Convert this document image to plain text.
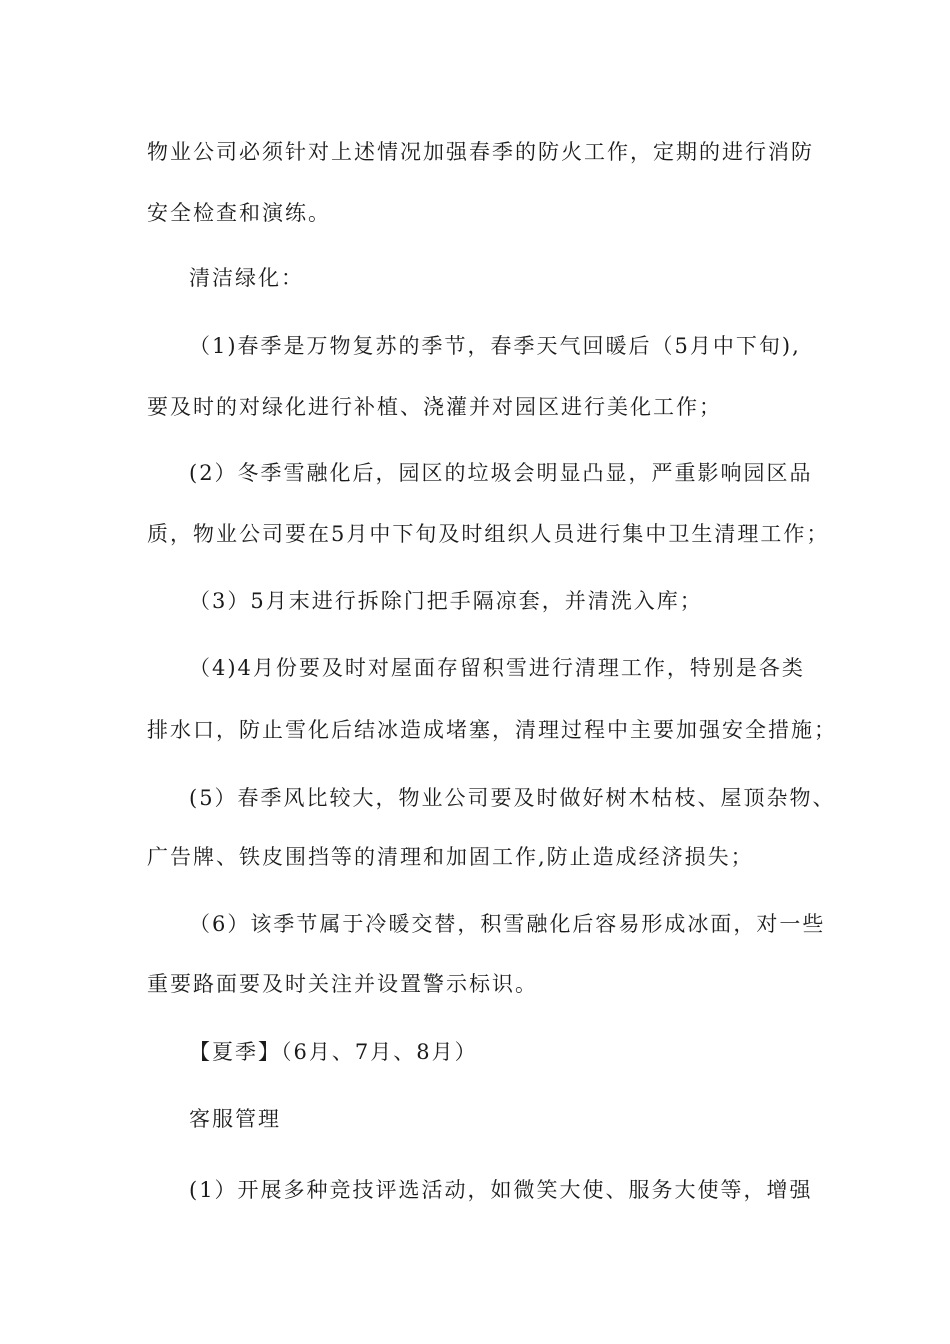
物业公司必须针对上述情况加强春季的防火工作，定期的进行消防
安全检查和演练。
清洁绿化：
（1)春季是万物复苏的季节，春季天气回暖后（5月中下旬),
要及时的对绿化进行补植、浇灌并对园区进行美化工作；
(2）冬季雪融化后，园区的垃圾会明显凸显，严重影响园区品
质，物业公司要在5月中下旬及时组织人员进行集中卫生清理工作；
（3）5月末进行拆除门把手隔凉套，并清洗入库；
（4)4月份要及时对屋面存留积雪进行清理工作，特别是各类
排水口，防止雪化后结冰造成堵塞，清理过程中主要加强安全措施；
(5）春季风比较大，物业公司要及时做好树木枯枝、屋顶杂物、
广告牌、铁皮围挡等的清理和加固工作,防止造成经济损失；
（6）该季节属于冷暖交替，积雪融化后容易形成冰面，对一些
重要路面要及时关注并设置警示标识。
【夏季】（6月、7月、8月）
客服管理
(1）开展多种竞技评选活动，如微笑大使、服务大使等，增强
